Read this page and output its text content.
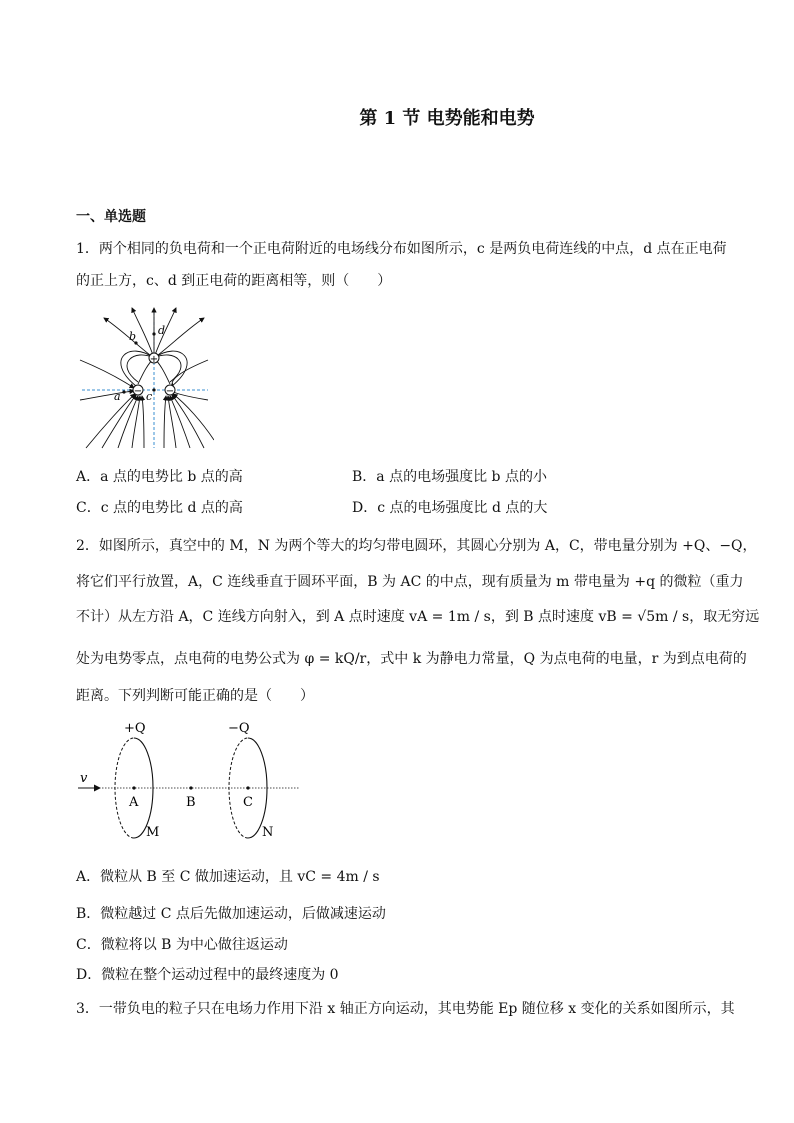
第 1 节 电势能和电势
一、单选题
1．两个相同的负电荷和一个正电荷附近的电场线分布如图所示，c 是两负电荷连线的中点，d 点在正电荷
的正上方，c、d 到正电荷的距离相等，则（　　）
+
− −
d
b
a c
A．a 点的电势比 b 点的高	B．a 点的电场强度比 b 点的小
C．c 点的电势比 d 点的高	D．c 点的电场强度比 d 点的大
2．如图所示，真空中的 M，N 为两个等大的均匀带电圆环，其圆心分别为 A，C，带电量分别为 +Q、−Q，
将它们平行放置，A，C 连线垂直于圆环平面，B 为 AC 的中点，现有质量为 m 带电量为 +q 的微粒（重力
不计）从左方沿 A，C 连线方向射入，到 A 点时速度 vA = 1m / s，到 B 点时速度 vB = √5m / s，取无穷远
处为电势零点，点电荷的电势公式为 φ = kQ/r，式中 k 为静电力常量，Q 为点电荷的电量，r 为到点电荷的
距离。下列判断可能正确的是（　　）
+Q	−Q
v
A	B	C
M	N
A．微粒从 B 至 C 做加速运动，且 vC = 4m / s
B．微粒越过 C 点后先做加速运动，后做减速运动
C．微粒将以 B 为中心做往返运动
D．微粒在整个运动过程中的最终速度为 0
3．一带负电的粒子只在电场力作用下沿 x 轴正方向运动，其电势能 Ep 随位移 x 变化的关系如图所示，其
